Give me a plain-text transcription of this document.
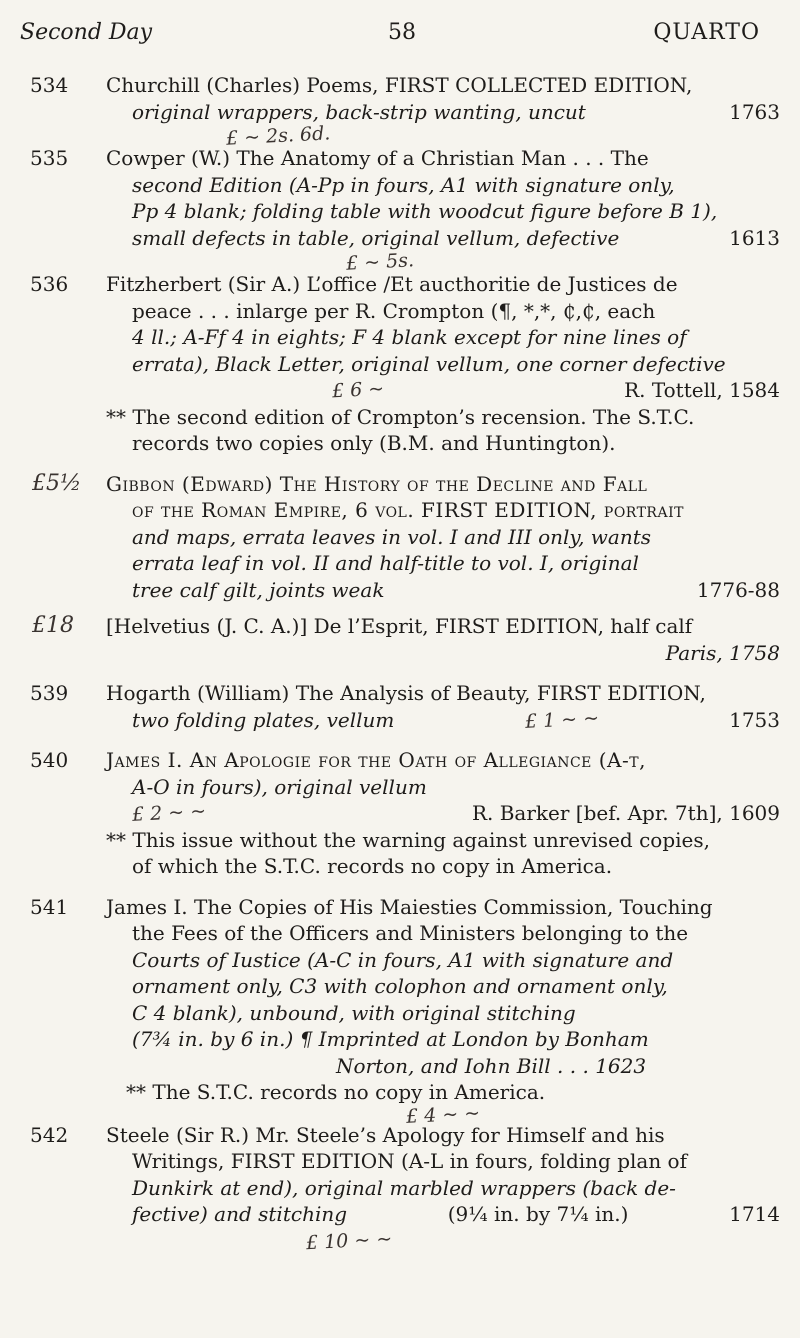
Second Day	58	QUARTO
534	Churchill (Charles) Poems, FIRST COLLECTED EDITION,
original wrappers, back-strip wanting, uncut	1763
£ ~ 2s. 6d.
535	Cowper (W.) The Anatomy of a Christian Man . . . The
second Edition (A-Pp in fours, A1 with signature only,
Pp 4 blank; folding table with woodcut figure before B 1),
small defects in table, original vellum, defective	1613
£ ~ 5s.
536	Fitzherbert (Sir A.) L’office /Et aucthoritie de Justices de
peace . . . inlarge per R. Crompton (¶, *,*, ₵,₵, each
4 ll.; A-Ff 4 in eights; F 4 blank except for nine lines of
errata), Black Letter, original vellum, one corner defective
£ 6 ~	R. Tottell, 1584
** The second edition of Crompton’s recension. The S.T.C.
records two copies only (B.M. and Huntington).
£5½ Gibbon (Edward) The History of the Decline and Fall
of the Roman Empire, 6 vol. FIRST EDITION, portrait
and maps, errata leaves in vol. I and III only, wants
errata leaf in vol. II and half-title to vol. I, original
tree calf gilt, joints weak	1776-88
£18 [Helvetius (J. C. A.)] De l’Esprit, FIRST EDITION, half calf
Paris, 1758
539	Hogarth (William) The Analysis of Beauty, FIRST EDITION,
two folding plates, vellum	£ 1 ~ ~	1753
540	James I. An Apologie for the Oath of Allegiance (A-t,
A-O in fours), original vellum
£ 2 ~ ~	R. Barker [bef. Apr. 7th], 1609
** This issue without the warning against unrevised copies,
of which the S.T.C. records no copy in America.
541	James I. The Copies of His Maiesties Commission, Touching
the Fees of the Officers and Ministers belonging to the
Courts of Iustice (A-C in fours, A1 with signature and
ornament only, C3 with colophon and ornament only,
C 4 blank), unbound, with original stitching
(7¾ in. by 6 in.) ¶ Imprinted at London by Bonham
Norton, and Iohn Bill . . . 1623
** The S.T.C. records no copy in America.
£ 4 ~ ~
542	Steele (Sir R.) Mr. Steele’s Apology for Himself and his
Writings, FIRST EDITION (A-L in fours, folding plan of
Dunkirk at end), original marbled wrappers (back de-
fective) and stitching	(9¼ in. by 7¼ in.)	1714
£ 10 ~ ~
